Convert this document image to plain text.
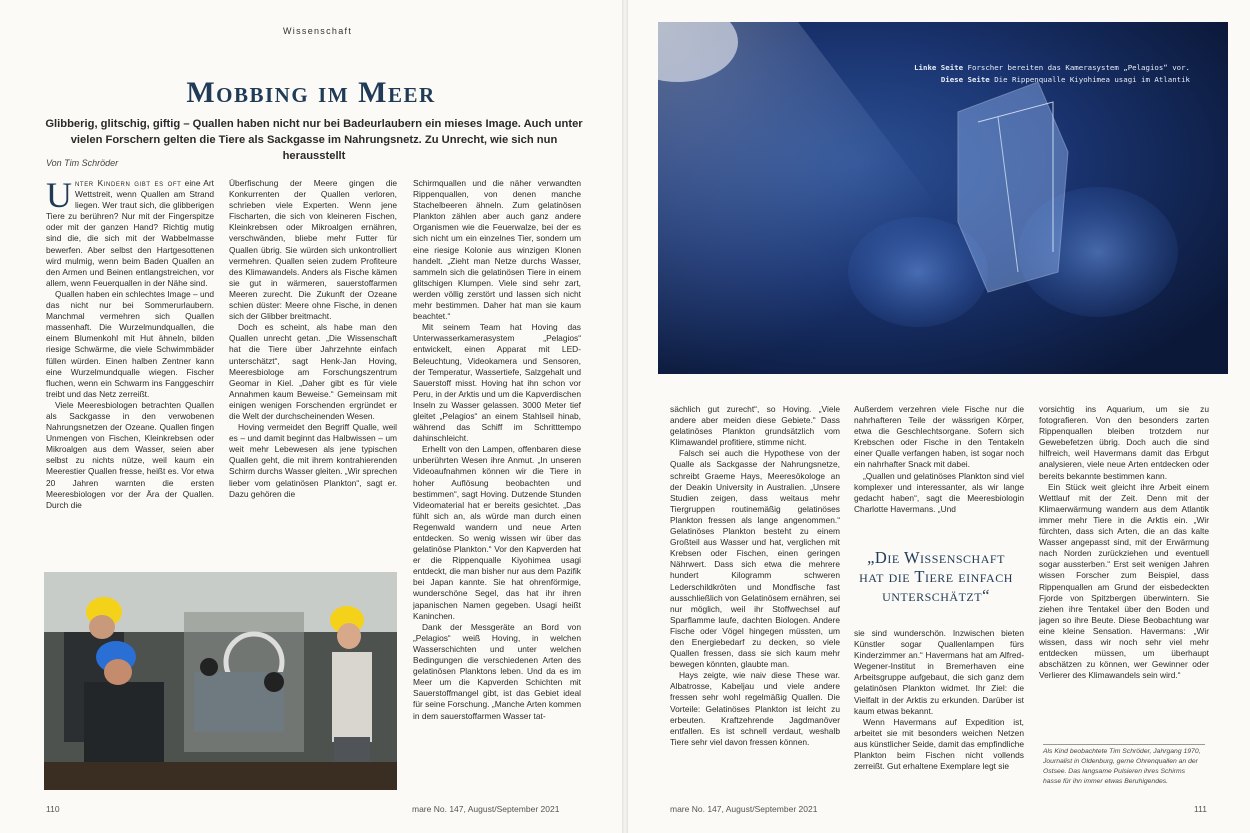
Wissenschaft
Mobbing im Meer
Glibberig, glitschig, giftig – Quallen haben nicht nur bei Badeurlaubern ein mieses Image. Auch unter vielen Forschern gelten die Tiere als Sackgasse im Nahrungsnetz. Zu Unrecht, wie sich nun herausstellt
Von Tim Schröder

Unter Kindern gibt es oft eine Art Wettstreit, wenn Quallen am Strand liegen. Wer traut sich, die glibberigen Tiere zu berühren? Nur mit der Fingerspitze oder mit der ganzen Hand? Richtig mutig sind die, die sich mit der Wabbelmasse bewerfen. Aber selbst den Hartgesottenen wird mulmig, wenn beim Baden Quallen an den Armen und Beinen entlangstreichen, vor allem, wenn Feuerquallen in der Nähe sind.

Quallen haben ein schlechtes Image – und das nicht nur bei Sommerurlaubern. Manchmal vermehren sich Quallen massenhaft. Die Wurzelmundquallen, die einem Blumenkohl mit Hut ähneln, bilden riesige Schwärme, die viele Schwimmbäder füllen würden. Einen halben Zentner kann eine Wurzelmundqualle wiegen. Fischer fluchen, wenn ein Schwarm ins Fanggeschirr treibt und das Netz zerreißt.

Viele Meeresbiologen betrachten Quallen als Sackgasse in den verwobenen Nahrungsnetzen der Ozeane. Quallen fingen Unmengen von Fischen, Kleinkrebsen oder Mikroalgen aus dem Wasser, seien aber selbst zu nichts nütze, weil kaum ein Meerestier Quallen fresse, heißt es. Vor etwa 20 Jahren warnten die ersten Meeresbiologen vor der Ära der Quallen. Durch die

Überfischung der Meere gingen die Konkurrenten der Quallen verloren, schrieben viele Experten. Wenn jene Fischarten, die sich von kleineren Fischen, Kleinkrebsen oder Mikroalgen ernähren, verschwänden, bliebe mehr Futter für Quallen übrig. Sie würden sich unkontrolliert vermehren. Quallen seien zudem Profiteure des Klimawandels. Anders als Fische kämen sie gut in wärmeren, sauerstoffarmen Meeren zurecht. Die Zukunft der Ozeane schien düster: Meere ohne Fische, in denen sich der Glibber breitmacht.

Doch es scheint, als habe man den Quallen unrecht getan. „Die Wissenschaft hat die Tiere über Jahrzehnte einfach unterschätzt“, sagt Henk-Jan Hoving, Meeresbiologe am Forschungszentrum Geomar in Kiel. „Daher gibt es für viele Annahmen kaum Beweise.“ Gemeinsam mit einigen wenigen Forschenden ergründet er die Welt der durchscheinenden Wesen.

Hoving vermeidet den Begriff Qualle, weil es – und damit beginnt das Halbwissen – um weit mehr Lebewesen als jene typischen Quallen geht, die mit ihrem kontrahierenden Schirm durchs Wasser gleiten. „Wir sprechen lieber vom gelatinösen Plankton“, sagt er. Dazu gehören die

Schirmquallen und die näher verwandten Rippenquallen, von denen manche Stachelbeeren ähneln. Zum gelatinösen Plankton zählen aber auch ganz andere Organismen wie die Feuerwalze, bei der es sich nicht um ein einzelnes Tier, sondern um eine riesige Kolonie aus winzigen Klonen handelt. „Zieht man Netze durchs Wasser, sammeln sich die gelatinösen Tiere in einem glitschigen Klumpen. Viele sind sehr zart, werden völlig zerstört und lassen sich nicht mehr bestimmen. Daher hat man sie kaum beachtet.“

Mit seinem Team hat Hoving das Unterwasserkamerasystem „Pelagios“ entwickelt, einen Apparat mit LED-Beleuchtung, Videokamera und Sensoren, der Temperatur, Wassertiefe, Salzgehalt und Sauerstoff misst. Hoving hat ihn schon vor Peru, in der Arktis und um die Kapverdischen Inseln zu Wasser gelassen. 3000 Meter tief gleitet „Pelagios“ an einem Stahlseil hinab, während das Schiff im Schritttempo dahinschleicht.

Erhellt von den Lampen, offenbaren diese unberührten Wesen ihre Anmut. „In unseren Videoaufnahmen können wir die Tiere in hoher Auflösung beobachten und bestimmen“, sagt Hoving. Dutzende Stunden Videomaterial hat er bereits gesichtet. „Das fühlt sich an, als würde man durch einen Regenwald wandern und neue Arten entdecken. So wenig wissen wir über das gelatinöse Plankton.“ Vor den Kapverden hat er die Rippenqualle Kiyohimea usagi entdeckt, die man bisher nur aus dem Pazifik bei Japan kannte. Sie hat ohrenförmige, wunderschöne Segel, das hat ihr ihren japanischen Namen gegeben. Usagi heißt Kaninchen.

Dank der Messgeräte an Bord von „Pelagios“ weiß Hoving, in welchen Wasserschichten und unter welchen Bedingungen die verschiedenen Arten des gelatinösen Planktons leben. Und da es im Meer um die Kapverden Schichten mit Sauerstoffmangel gibt, ist das Gebiet ideal für seine Forschung. „Manche Arten kommen in dem sauerstoffarmen Wasser tat-

110	mare No. 147, August/September 2021
Linke Seite Forscher bereiten das Kamerasystem „Pelagios“ vor.
Diese Seite Die Rippenqualle Kiyohimea usagi im Atlantik

sächlich gut zurecht“, so Hoving. „Viele andere aber meiden diese Gebiete.“ Dass gelatinöses Plankton grundsätzlich vom Klimawandel profitiere, stimme nicht.

Falsch sei auch die Hypothese von der Qualle als Sackgasse der Nahrungsnetze, schreibt Graeme Hays, Meeresökologe an der Deakin University in Australien. „Unsere Studien zeigen, dass weitaus mehr Tiergruppen routinemäßig gelatinöses Plankton fressen als lange angenommen.“ Gelatinöses Plankton besteht zu einem Großteil aus Wasser und hat, verglichen mit Krebsen oder Fischen, einen geringen Nährwert. Dass sich etwa die mehrere hundert Kilogramm schweren Lederschildkröten und Mondfische fast ausschließlich von Gelatinösem ernähren, sei nur möglich, weil ihr Stoffwechsel auf Sparflamme laufe, dachten Biologen. Andere Fische oder Vögel hingegen müssten, um den Energiebedarf zu decken, so viele Quallen fressen, dass sie sich kaum mehr bewegen könnten, glaubte man.

Hays zeigte, wie naiv diese These war. Albatrosse, Kabeljau und viele andere fressen sehr wohl regelmäßig Quallen. Die Vorteile: Gelatinöses Plankton ist leicht zu erbeuten. Kraftzehrende Jagdmanöver entfallen. Es ist schnell verdaut, weshalb Tiere sehr viel davon fressen können.

Außerdem verzehren viele Fische nur die nahrhafteren Teile der wässrigen Körper, etwa die Geschlechtsorgane. Sofern sich Krebschen oder Fische in den Tentakeln einer Qualle verfangen haben, ist sogar noch ein nahrhafter Snack mit dabei.

„Quallen und gelatinöses Plankton sind viel komplexer und interessanter, als wir lange gedacht haben“, sagt die Meeresbiologin Charlotte Havermans. „Und

„Die Wissenschaft hat die Tiere einfach unterschätzt“

sie sind wunderschön. Inzwischen bieten Künstler sogar Quallenlampen fürs Kinderzimmer an.“ Havermans hat am Alfred-Wegener-Institut in Bremerhaven eine Arbeitsgruppe aufgebaut, die sich ganz dem gelatinösen Plankton widmet. Ihr Ziel: die Vielfalt in der Arktis zu erkunden. Darüber ist kaum etwas bekannt.

Wenn Havermans auf Expedition ist, arbeitet sie mit besonders weichen Netzen aus künstlicher Seide, damit das empfindliche Plankton beim Fischen nicht vollends zerreißt. Gut erhaltene Exemplare legt sie

vorsichtig ins Aquarium, um sie zu fotografieren. Von den besonders zarten Rippenquallen bleiben trotzdem nur Gewebefetzen übrig. Doch auch die sind hilfreich, weil Havermans damit das Erbgut analysieren, viele neue Arten entdecken oder bereits bekannte bestimmen kann.

Ein Stück weit gleicht ihre Arbeit einem Wettlauf mit der Zeit. Denn mit der Klimaerwärmung wandern aus dem Atlantik immer mehr Tiere in die Arktis ein. „Wir fürchten, dass sich Arten, die an das kalte Wasser angepasst sind, mit der Erwärmung nach Norden zurückziehen und eventuell sogar aussterben.“ Erst seit wenigen Jahren wissen Forscher zum Beispiel, dass Rippenquallen am Grund der eisbedeckten Fjorde von Spitzbergen überwintern. Sie ziehen ihre Tentakel über den Boden und jagen so ihre Beute. Diese Beobachtung war eine kleine Sensation. Havermans: „Wir wissen, dass wir noch sehr viel mehr entdecken müssen, um überhaupt abschätzen zu können, wer Gewinner oder Verlierer des Klimawandels sein wird.“

Als Kind beobachtete Tim Schröder, Jahrgang 1970, Journalist in Oldenburg, gerne Ohrenquallen an der Ostsee. Das langsame Pulsieren ihres Schirms hasse für ihn immer etwas Beruhigendes.
mare No. 147, August/September 2021	111
